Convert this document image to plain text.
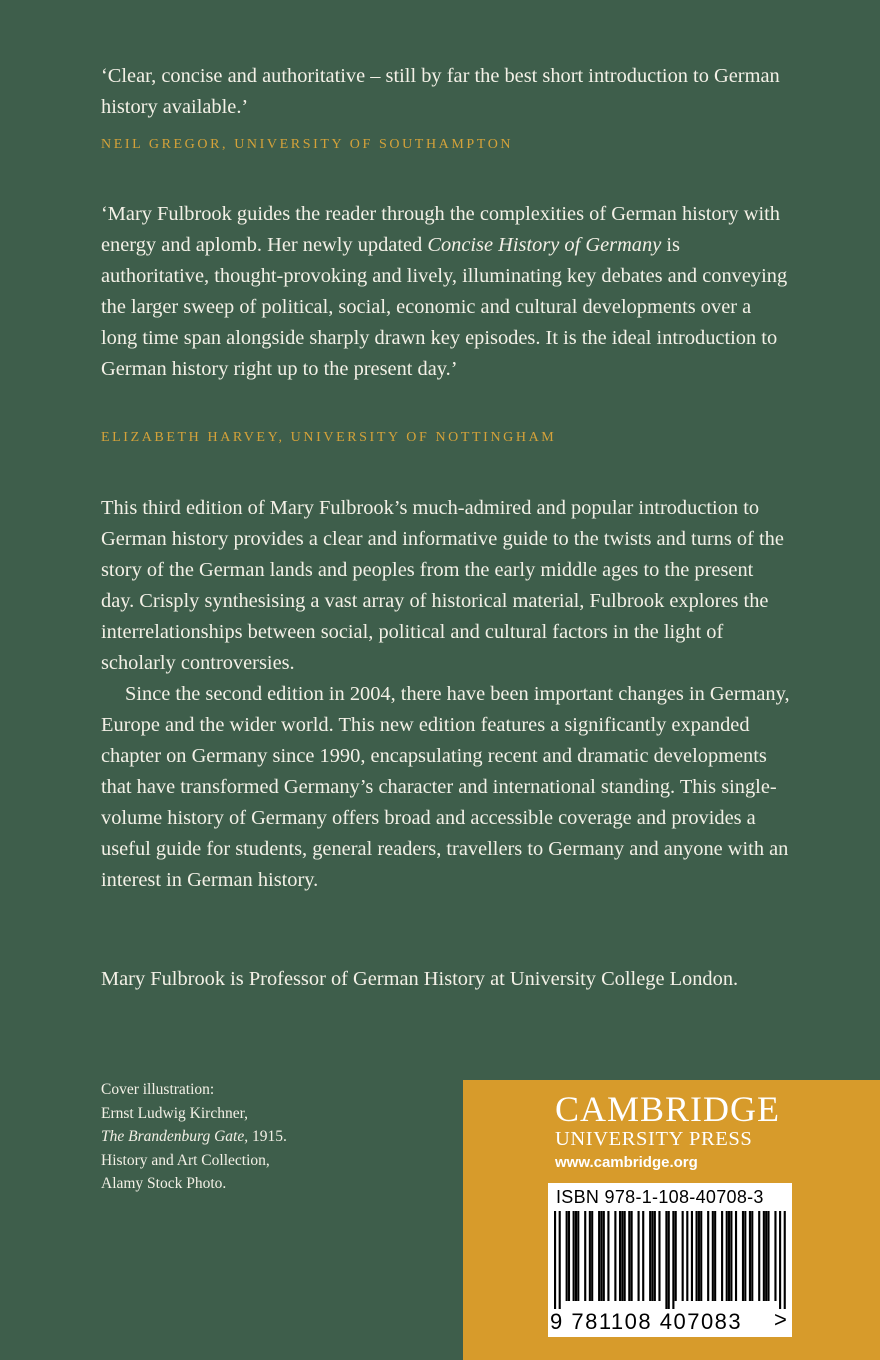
‘Clear, concise and authoritative – still by far the best short introduction to German history available.’

NEIL GREGOR, UNIVERSITY OF SOUTHAMPTON

‘Mary Fulbrook guides the reader through the complexities of German history with energy and aplomb. Her newly updated Concise History of Germany is authoritative, thought-provoking and lively, illuminating key debates and conveying the larger sweep of political, social, economic and cultural developments over a long time span alongside sharply drawn key episodes. It is the ideal introduction to German history right up to the present day.’

ELIZABETH HARVEY, UNIVERSITY OF NOTTINGHAM

This third edition of Mary Fulbrook’s much-admired and popular introduction to German history provides a clear and informative guide to the twists and turns of the story of the German lands and peoples from the early middle ages to the present day. Crisply synthesising a vast array of historical material, Fulbrook explores the interrelationships between social, political and cultural factors in the light of scholarly controversies.

Since the second edition in 2004, there have been important changes in Germany, Europe and the wider world. This new edition features a significantly expanded chapter on Germany since 1990, encapsulating recent and dramatic developments that have transformed Germany’s character and international standing. This single-volume history of Germany offers broad and accessible coverage and provides a useful guide for students, general readers, travellers to Germany and anyone with an interest in German history.

Mary Fulbrook is Professor of German History at University College London.

Cover illustration:
Ernst Ludwig Kirchner,
The Brandenburg Gate, 1915.
History and Art Collection,
Alamy Stock Photo.
CAMBRIDGE
UNIVERSITY PRESS
www.cambridge.org
ISBN 978-1-108-40708-3
9 781108 407083	>
